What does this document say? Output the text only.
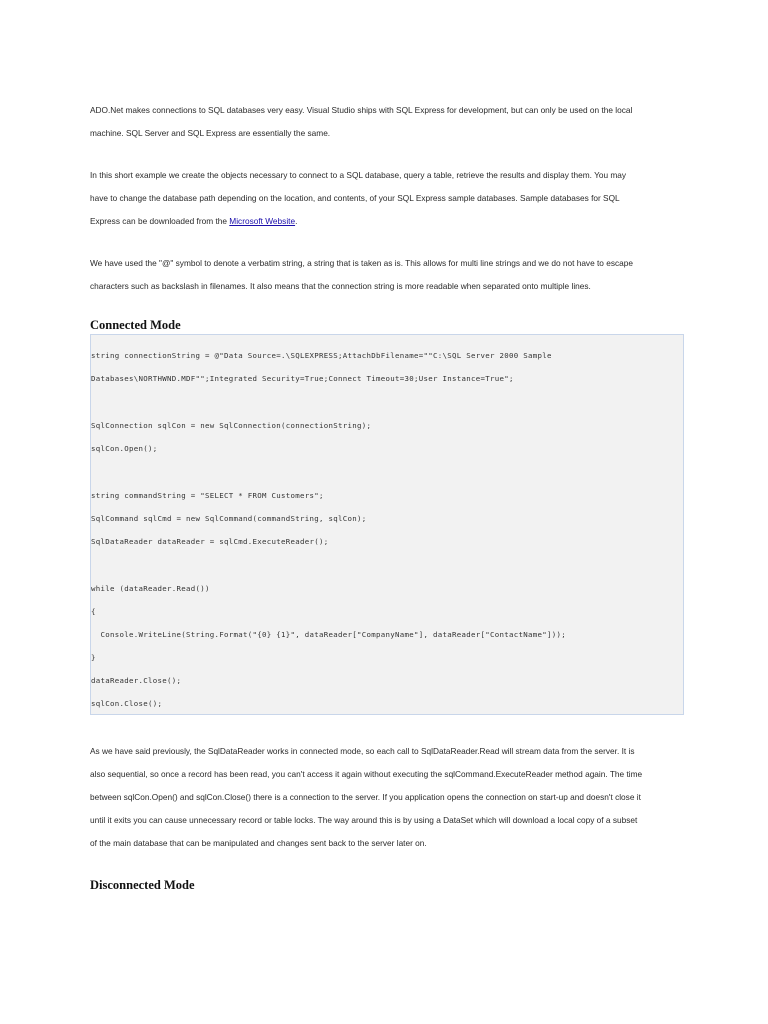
ADO.Net makes connections to SQL databases very easy. Visual Studio ships with SQL Express for development, but can only be used on the local
machine. SQL Server and SQL Express are essentially the same.

In this short example we create the objects necessary to connect to a SQL database, query a table, retrieve the results and display them. You may
have to change the database path depending on the location, and contents, of your SQL Express sample databases. Sample databases for SQL
Express can be downloaded from the Microsoft Website.

We have used the "@" symbol to denote a verbatim string, a string that is taken as is. This allows for multi line strings and we do not have to escape
characters such as backslash in filenames. It also means that the connection string is more readable when separated onto multiple lines.

Connected Mode
string connectionString = @"Data Source=.\SQLEXPRESS;AttachDbFilename=""C:\SQL Server 2000 Sample
Databases\NORTHWND.MDF"";Integrated Security=True;Connect Timeout=30;User Instance=True";
SqlConnection sqlCon = new SqlConnection(connectionString);
sqlCon.Open();
string commandString = "SELECT * FROM Customers";
SqlCommand sqlCmd = new SqlCommand(commandString, sqlCon);
SqlDataReader dataReader = sqlCmd.ExecuteReader();
while (dataReader.Read())
{
Console.WriteLine(String.Format("{0} {1}", dataReader["CompanyName"], dataReader["ContactName"]));
}
dataReader.Close();
sqlCon.Close();

As we have said previously, the SqlDataReader works in connected mode, so each call to SqlDataReader.Read will stream data from the server. It is
also sequential, so once a record has been read, you can't access it again without executing the sqlCommand.ExecuteReader method again. The time
between sqlCon.Open() and sqlCon.Close() there is a connection to the server. If you application opens the connection on start-up and doesn't close it
until it exits you can cause unnecessary record or table locks. The way around this is by using a DataSet which will download a local copy of a subset
of the main database that can be manipulated and changes sent back to the server later on.

Disconnected Mode
